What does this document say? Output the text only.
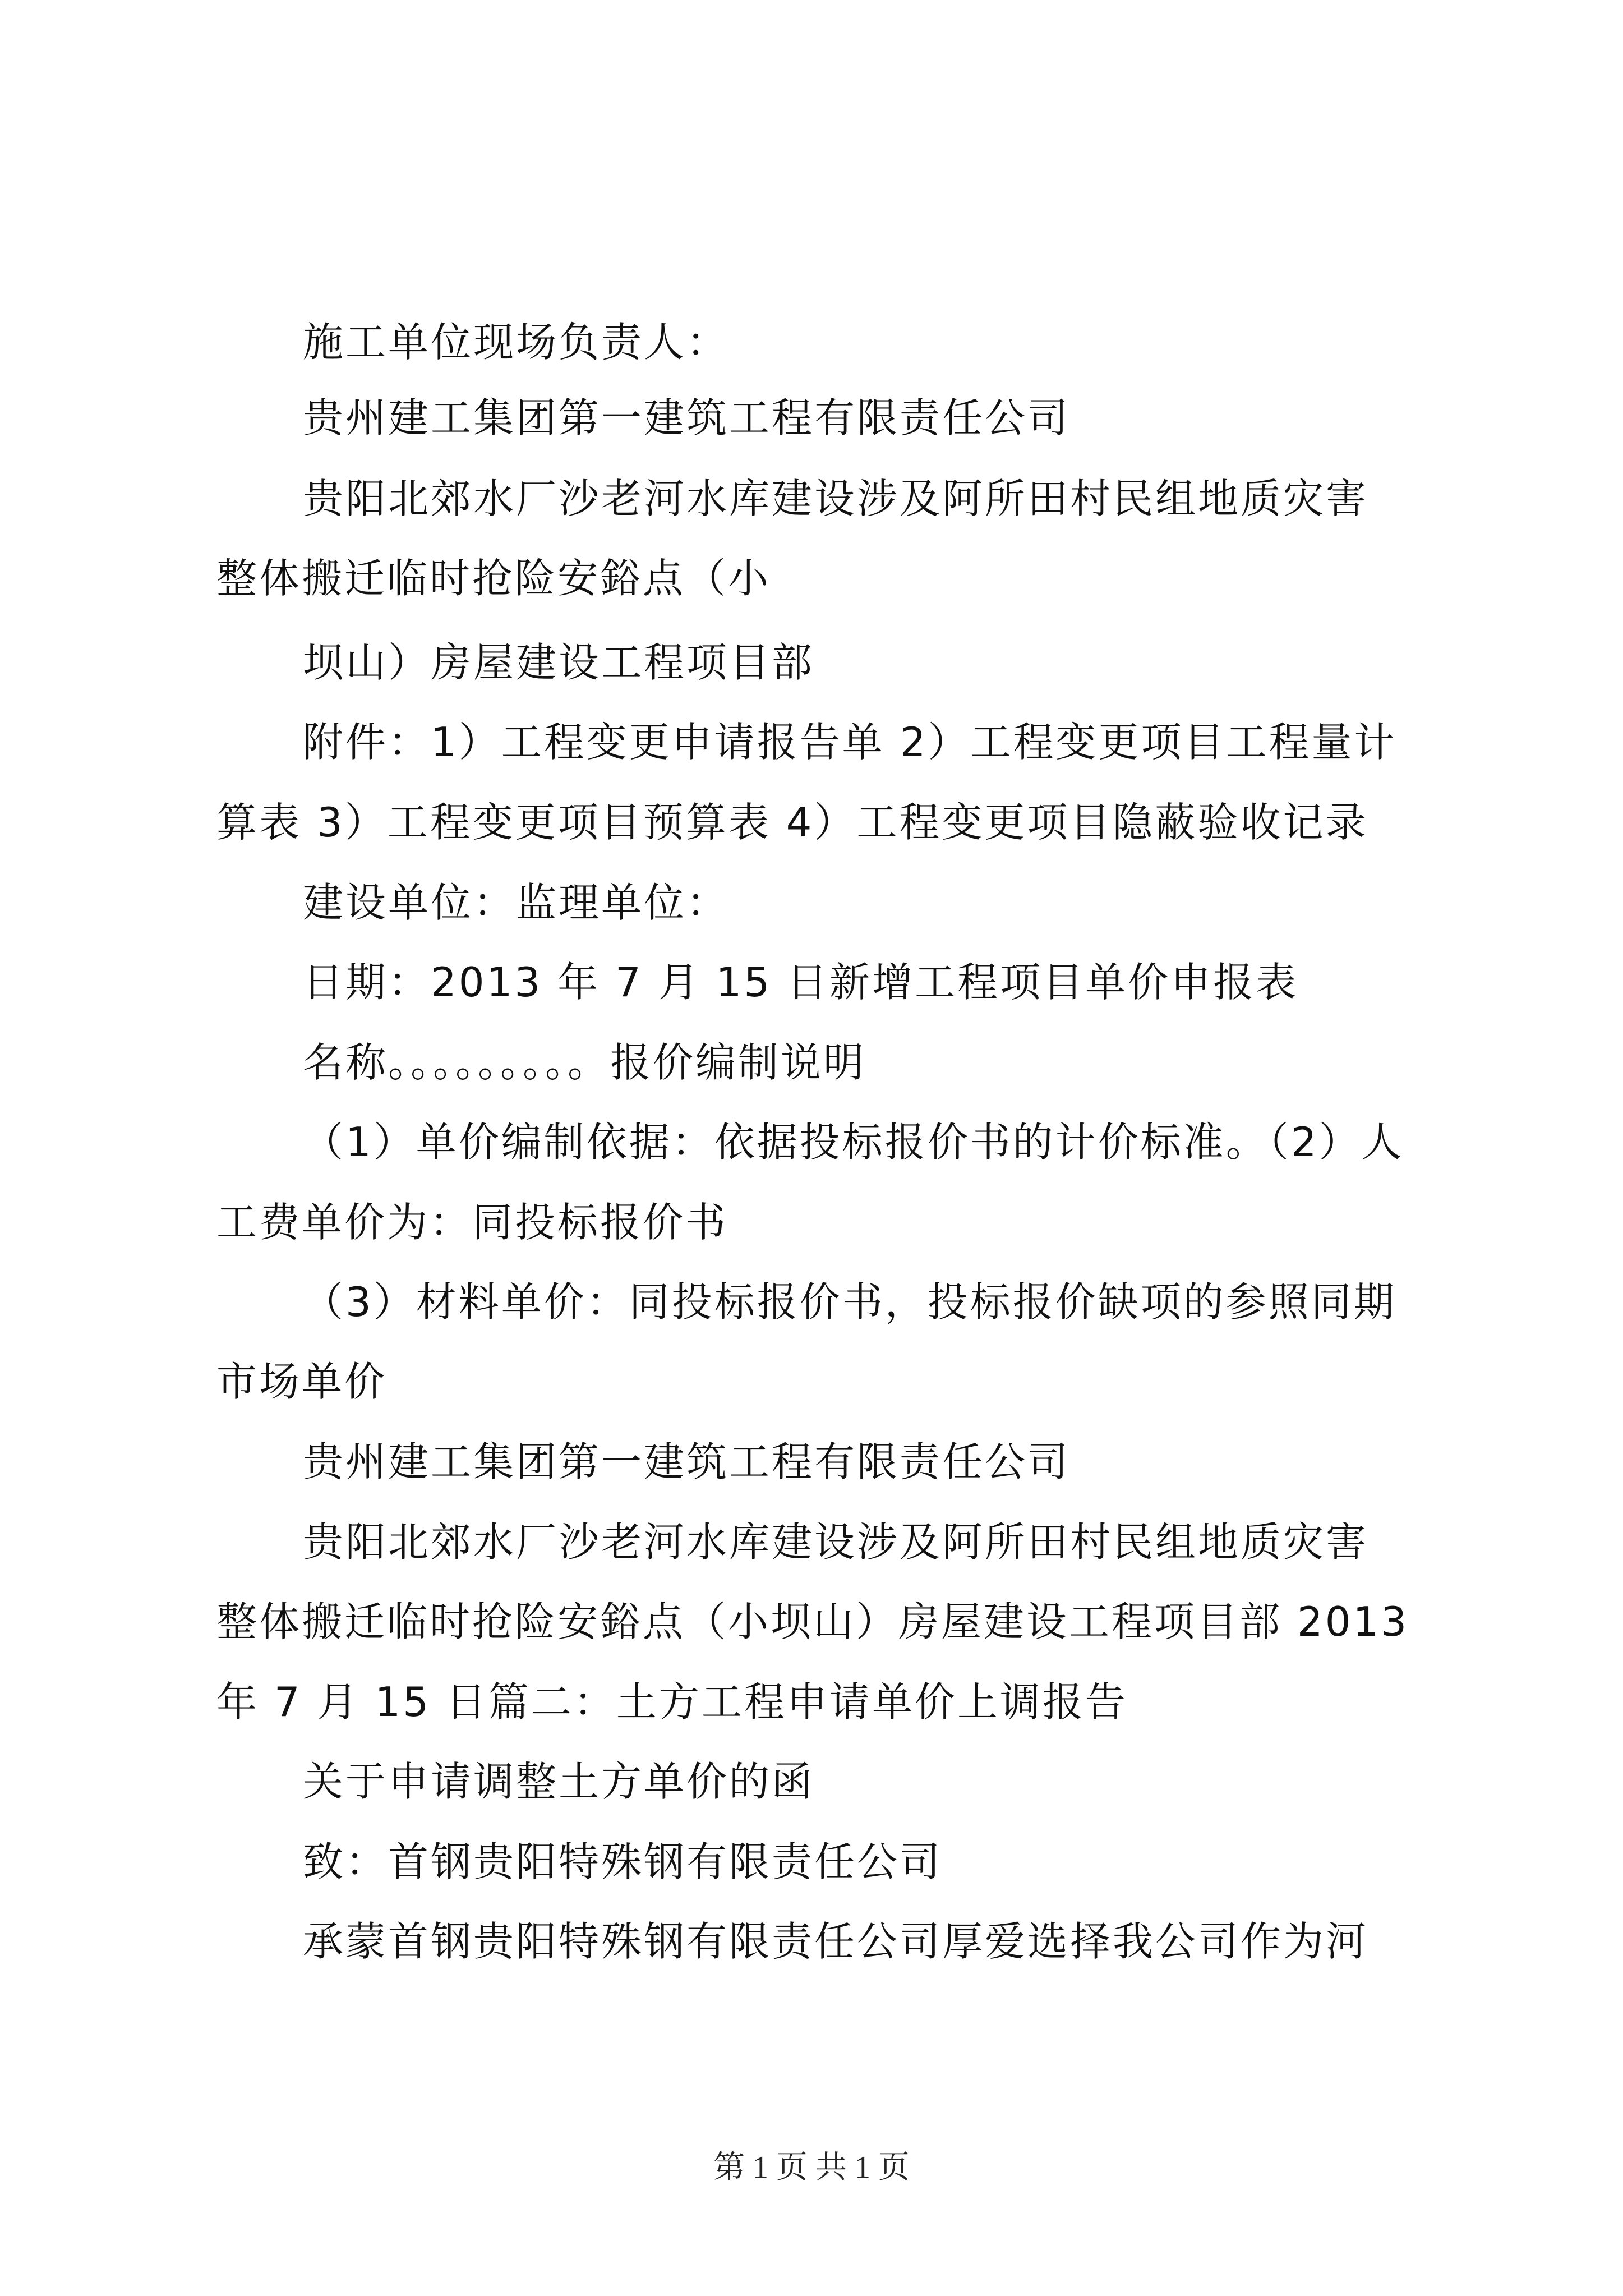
施工单位现场负责人：
贵州建工集团第一建筑工程有限责任公司
贵阳北郊水厂沙老河水库建设涉及阿所田村民组地质灾害
整体搬迁临时抢险安鋊点（小
坝山）房屋建设工程项目部
附件：1）工程变更申请报告单 2）工程变更项目工程量计
算表 3）工程变更项目预算表 4）工程变更项目隐蔽验收记录
建设单位：监理单位：
日期：2013 年 7 月 15 日新增工程项目单价申报表
名称。。。。。。。。。报价编制说明
（1）单价编制依据：依据投标报价书的计价标准。（2）人
工费单价为：同投标报价书
（3）材料单价：同投标报价书，投标报价缺项的参照同期
市场单价
贵州建工集团第一建筑工程有限责任公司
贵阳北郊水厂沙老河水库建设涉及阿所田村民组地质灾害
整体搬迁临时抢险安鋊点（小坝山）房屋建设工程项目部 2013
年 7 月 15 日篇二：土方工程申请单价上调报告
关于申请调整土方单价的函
致：首钢贵阳特殊钢有限责任公司
承蒙首钢贵阳特殊钢有限责任公司厚爱选择我公司作为河
第 1 页 共 1 页
